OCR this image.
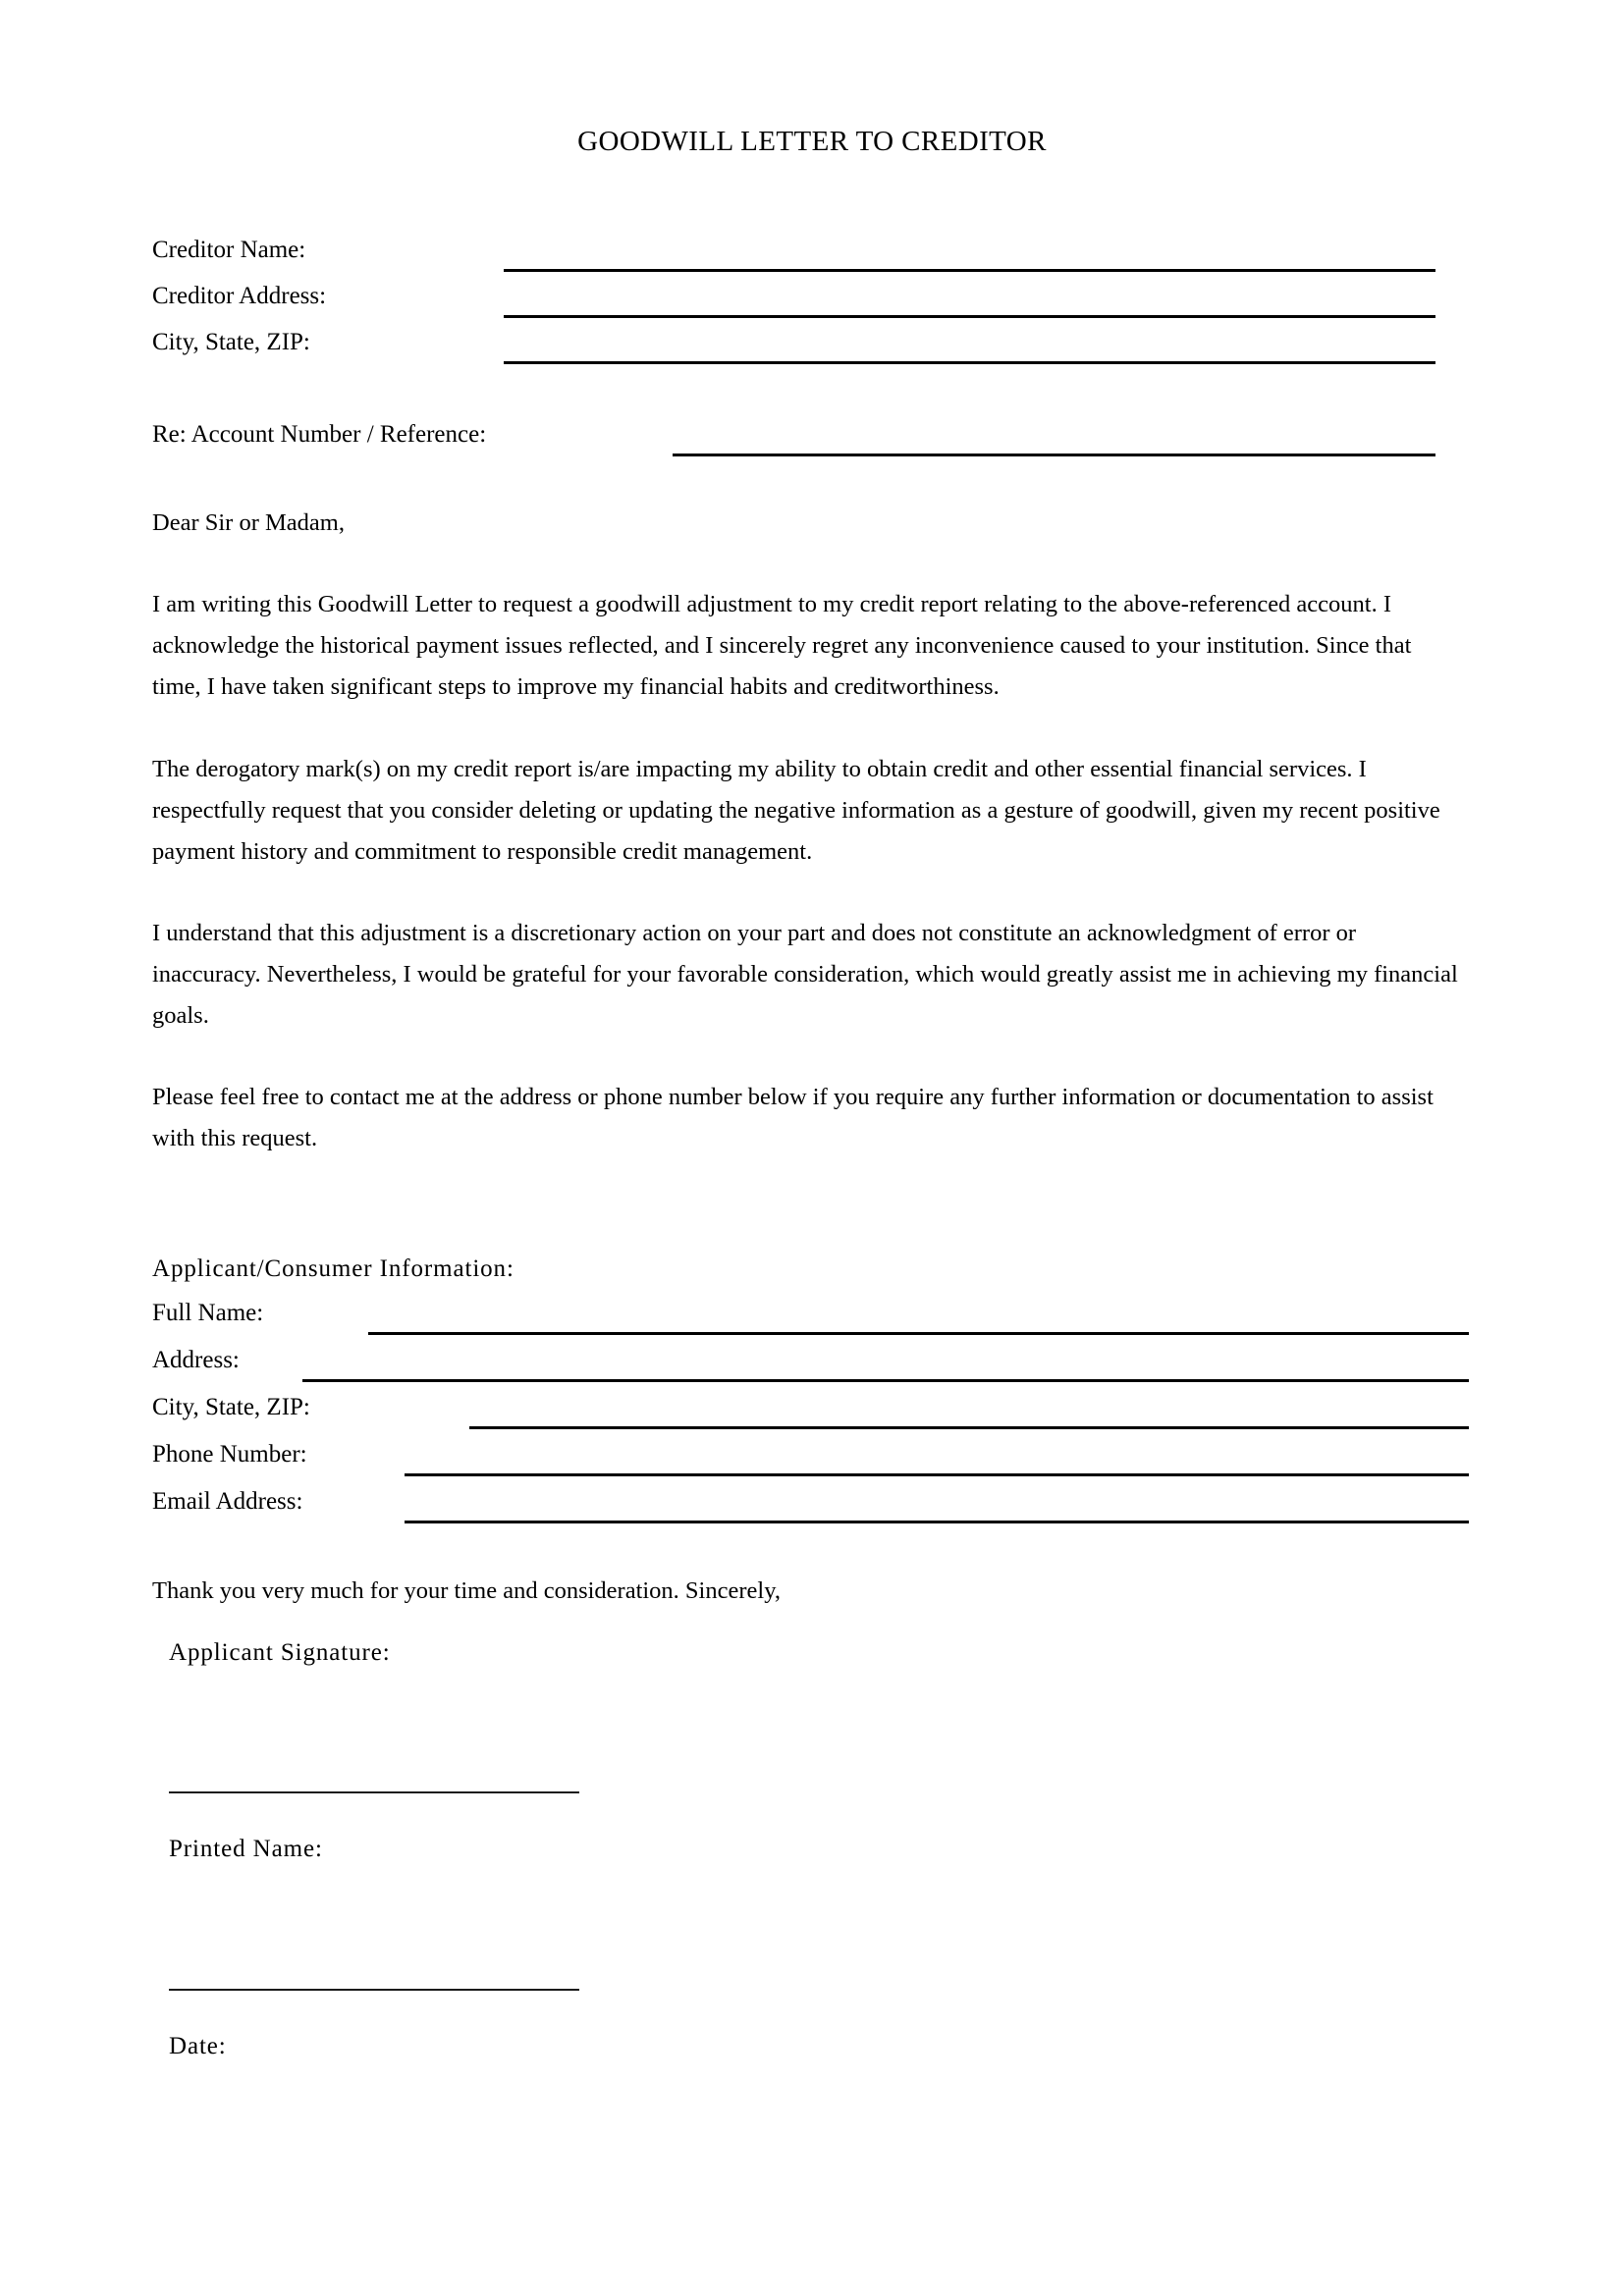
GOODWILL LETTER TO CREDITOR
Creditor Name:
Creditor Address:
City, State, ZIP:
Re: Account Number / Reference:
Dear Sir or Madam,
I am writing this Goodwill Letter to request a goodwill adjustment to my credit report relating to the above-referenced account. I acknowledge the historical payment issues reflected, and I sincerely regret any inconvenience caused to your institution. Since that time, I have taken significant steps to improve my financial habits and creditworthiness.
The derogatory mark(s) on my credit report is/are impacting my ability to obtain credit and other essential financial services. I respectfully request that you consider deleting or updating the negative information as a gesture of goodwill, given my recent positive payment history and commitment to responsible credit management.
I understand that this adjustment is a discretionary action on your part and does not constitute an acknowledgment of error or inaccuracy. Nevertheless, I would be grateful for your favorable consideration, which would greatly assist me in achieving my financial goals.
Please feel free to contact me at the address or phone number below if you require any further information or documentation to assist with this request.
Applicant/Consumer Information:
Full Name:
Address:
City, State, ZIP:
Phone Number:
Email Address:
Thank you very much for your time and consideration. Sincerely,
Applicant Signature:
Printed Name:
Date:
